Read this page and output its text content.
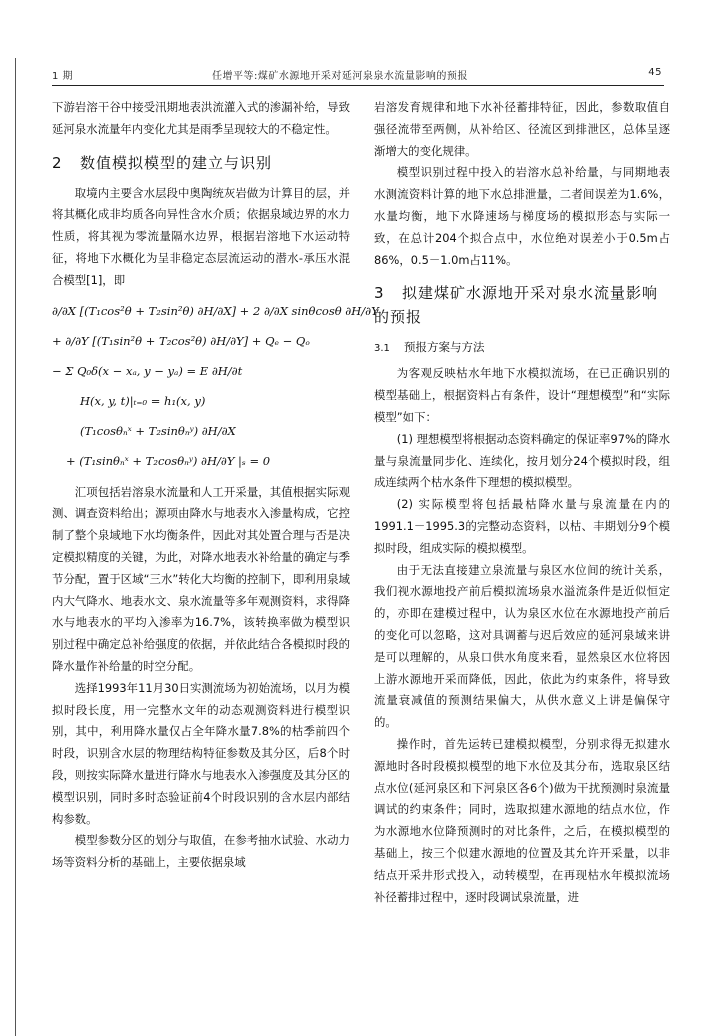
1 期	任增平等:煤矿水源地开采对延河泉泉水流量影响的预报	45

下游岩溶干谷中接受汛期地表洪流灌入式的渗漏补给，导致延河泉水流量年内变化尤其是雨季呈现较大的不稳定性。

2 数值模拟模型的建立与识别

取境内主要含水层段中奥陶统灰岩做为计算目的层，并将其概化成非均质各向异性含水介质；依据泉域边界的水力性质，将其视为零流量隔水边界，根据岩溶地下水运动特征，将地下水概化为呈非稳定态层流运动的潜水-承压水混合模型[1]，即

∂/∂X [(T₁cos²θ + T₂sin²θ) ∂H/∂X] + 2 ∂/∂X sinθcosθ ∂H/∂Y
+ ∂/∂Y [(T₁sin²θ + T₂cos²θ) ∂H/∂Y] + Qₑ − Qₒ
− Σ Q₀δ(x − xₐ, y − yₐ) = E ∂H/∂t
H(x, y, t)|ₜ₌₀ = h₁(x, y)
(T₁cosθₙˣ + T₂sinθₙʸ) ∂H/∂X
+ (T₁sinθₙˣ + T₂cosθₙʸ) ∂H/∂Y |ₛ = 0

汇项包括岩溶泉水流量和人工开采量，其值根据实际观测、调查资料给出；源项由降水与地表水入渗量构成，它控制了整个泉域地下水均衡条件，因此对其处置合理与否是决定模拟精度的关键，为此，对降水地表水补给量的确定与季节分配，置于区域“三水”转化大均衡的控制下，即利用泉域内大气降水、地表水文、泉水流量等多年观测资料，求得降水与地表水的平均入渗率为16.7%，该转换率做为模型识别过程中确定总补给强度的依据，并依此结合各模拟时段的降水量作补给量的时空分配。

选择1993年11月30日实测流场为初始流场，以月为模拟时段长度，用一完整水文年的动态观测资料进行模型识别，其中，利用降水量仅占全年降水量7.8%的枯季前四个时段，识别含水层的物理结构特征参数及其分区，后8个时段，则按实际降水量进行降水与地表水入渗强度及其分区的模型识别，同时多时态验证前4个时段识别的含水层内部结构参数。

模型参数分区的划分与取值，在参考抽水试验、水动力场等资料分析的基础上，主要依据泉域

岩溶发育规律和地下水补径蓄排特征，因此，参数取值自强径流带至两侧，从补给区、径流区到排泄区，总体呈逐渐增大的变化规律。

模型识别过程中投入的岩溶水总补给量，与同期地表水测流资料计算的地下水总排泄量，二者间误差为1.6%，水量均衡，地下水降速场与梯度场的模拟形态与实际一致，在总计204个拟合点中，水位绝对误差小于0.5m占86%，0.5－1.0m占11%。

3 拟建煤矿水源地开采对泉水流量影响的预报
3.1 预报方案与方法

为客观反映枯水年地下水模拟流场，在已正确识别的模型基础上，根据资料占有条件，设计“理想模型”和“实际模型”如下：

(1) 理想模型将根据动态资料确定的保证率97%的降水量与泉流量同步化、连续化，按月划分24个模拟时段，组成连续两个枯水条件下理想的模拟模型。

(2) 实际模型将包括最枯降水量与泉流量在内的1991.1－1995.3的完整动态资料，以枯、丰期划分9个模拟时段，组成实际的模拟模型。

由于无法直接建立泉流量与泉区水位间的统计关系，我们视水源地投产前后模拟流场泉水溢流条件是近似恒定的，亦即在建模过程中，认为泉区水位在水源地投产前后的变化可以忽略，这对具调蓄与迟后效应的延河泉域来讲是可以理解的，从泉口供水角度来看，显然泉区水位将因上游水源地开采而降低，因此，依此为约束条件，将导致流量衰减值的预测结果偏大，从供水意义上讲是偏保守的。

操作时，首先运转已建模拟模型，分别求得无拟建水源地时各时段模拟模型的地下水位及其分布，选取泉区结点水位(延河泉区和下河泉区各6个)做为干扰预测时泉流量调试的约束条件；同时，选取拟建水源地的结点水位，作为水源地水位降预测时的对比条件，之后，在模拟模型的基础上，按三个似建水源地的位置及其允许开采量，以非结点开采井形式投入，动转模型，在再现枯水年模拟流场补径蓄排过程中，逐时段调试泉流量，进
